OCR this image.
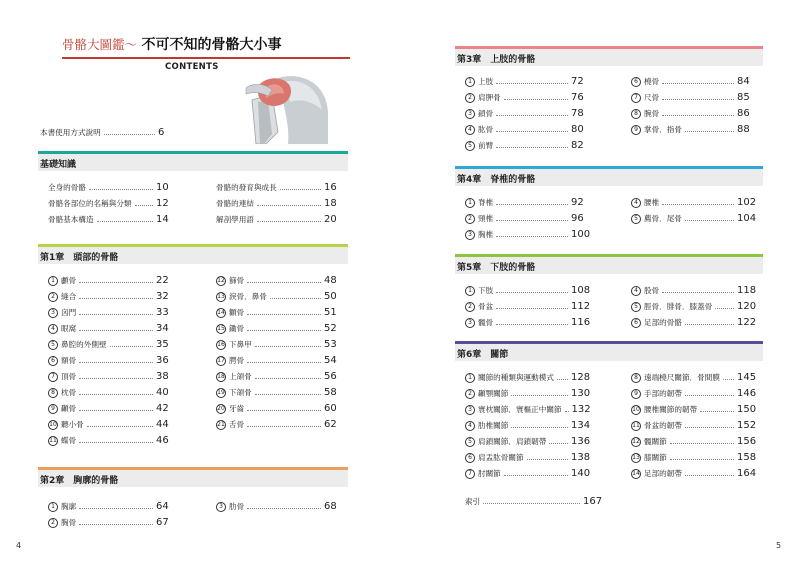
骨骼大圖鑑～ 不可不知的骨骼大小事
CONTENTS
本書使用方式說明	6
基礎知識
全身的骨骼	10
骨骼各部位的名稱與分類 12
骨骼基本構造	14
骨骼的發育與成長	16
骨骼的連結	18
解剖學用語	20
第1章　頭部的骨骼
1 顱骨	22
2 縫合	32
3 囟門	33
4 眼窩	34
5 鼻腔的外側壁	35
6 額骨	36
7 頂骨	38
8 枕骨	40
9 顳骨	42
10 聽小骨	44
11 蝶骨	46
12 篩骨	48
13 淚骨．鼻骨	50
14 顴骨	51
15 鋤骨	52
16 下鼻甲	53
17 腭骨	54
18 上頜骨	56
19 下頜骨	58
20 牙齒	60
21 舌骨	62
第2章　胸廓的骨骼
1 胸廓	64
2 胸骨	67
3 肋骨	68
第3章　上肢的骨骼
1 上肢	72
2 肩胛骨	76
3 鎖骨	78
4 肱骨	80
5 前臂	82
6 橈骨	84
7 尺骨	85
8 腕骨	86
9 掌骨．指骨	88
第4章　脊椎的骨骼
1 脊椎	92
2 頸椎	96
3 胸椎	100
4 腰椎	102
5 薦骨．尾骨	104
第5章　下肢的骨骼
1 下肢	108
2 骨盆	112
3 髖骨	116
4 股骨	118
5 脛骨．腓骨．膝蓋骨 120
6 足部的骨骼	122
第6章　關節
1 關節的種類與運動模式 128
2 顳顎關節	130
3 寰枕關節．寰樞正中關節 132
4 肋椎關節	134
5 肩鎖關節．肩鎖韌帶 136
6 肩盂肱骨關節	138
7 肘關節	140
8 遠端橈尺關節．骨間膜 145
9 手部的韌帶	146
10 腰椎關節的韌帶	150
11 骨盆的韌帶	152
12 髖關節	156
13 膝關節	158
14 足部的韌帶	164
索引	167
4	5
